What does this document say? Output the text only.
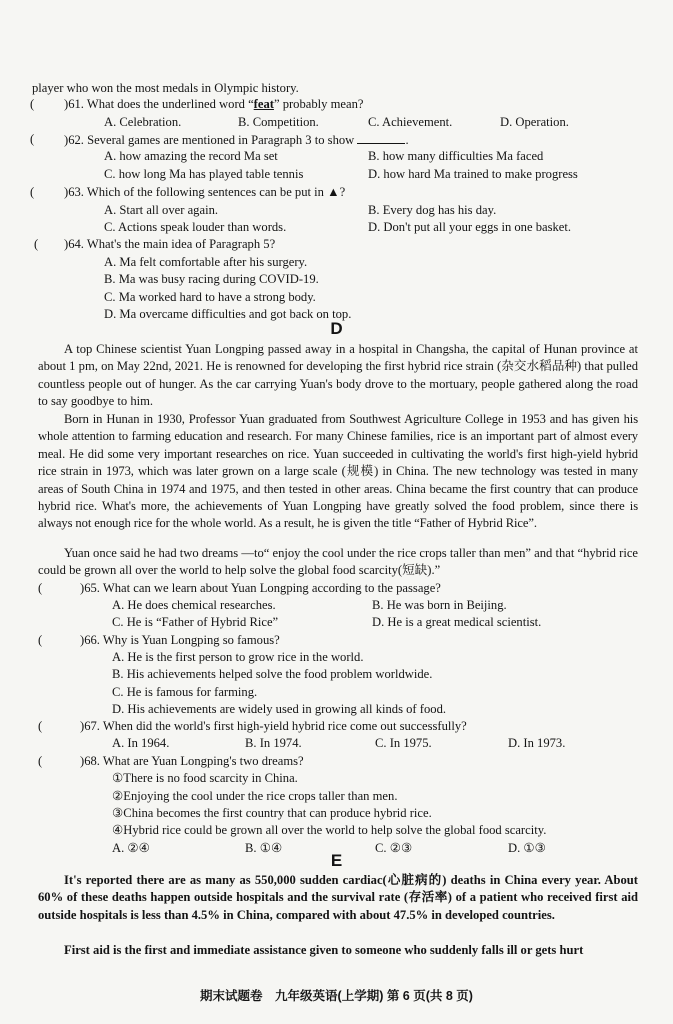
player who won the most medals in Olympic history.
( )61. What does the underlined word “feat” probably mean?
A. Celebration.	B. Competition.	C. Achievement.	D. Operation.
( )62. Several games are mentioned in Paragraph 3 to show	.
A. how amazing the record Ma set	B. how many difficulties Ma faced
C. how long Ma has played table tennis	D. how hard Ma trained to make progress
( )63. Which of the following sentences can be put in ▲?
A. Start all over again.	B. Every dog has his day.
C. Actions speak louder than words.	D. Don't put all your eggs in one basket.
( )64. What's the main idea of Paragraph 5?
A. Ma felt comfortable after his surgery.
B. Ma was busy racing during COVID-19.
C. Ma worked hard to have a strong body.
D. Ma overcame difficulties and got back on top.
D
A top Chinese scientist Yuan Longping passed away in a hospital in Changsha, the capital of Hunan province at about 1 pm, on May 22nd, 2021. He is renowned for developing the first hybrid rice strain (杂交水稻品种) that pulled countless people out of hunger. As the car carrying Yuan's body drove to the mortuary, people gathered along the road to say goodbye to him.
Born in Hunan in 1930, Professor Yuan graduated from Southwest Agriculture College in 1953 and has given his whole attention to farming education and research. For many Chinese families, rice is an important part of almost every meal. He did some very important researches on rice. Yuan succeeded in cultivating the world's first high-yield hybrid rice strain in 1973, which was later grown on a large scale (规模) in China. The new technology was tested in many areas of South China in 1974 and 1975, and then tested in other areas. China became the first country that can produce hybrid rice. What's more, the achievements of Yuan Longping have greatly solved the food problem, since there is always not enough rice for the whole world. As a result, he is given the title “Father of Hybrid Rice”.
Yuan once said he had two dreams —to“ enjoy the cool under the rice crops taller than men” and that “hybrid rice could be grown all over the world to help solve the global food scarcity(短缺).”
(	)65. What can we learn about Yuan Longping according to the passage?
A. He does chemical researches.	B. He was born in Beijing.
C. He is “Father of Hybrid Rice”	D. He is a great medical scientist.
(	)66. Why is Yuan Longping so famous?
A. He is the first person to grow rice in the world.
B. His achievements helped solve the food problem worldwide.
C. He is famous for farming.
D. His achievements are widely used in growing all kinds of food.
(	)67. When did the world's first high-yield hybrid rice come out successfully?
A. In 1964.	B. In 1974.	C. In 1975.	D. In 1973.
(	)68. What are Yuan Longping's two dreams?
①There is no food scarcity in China.
②Enjoying the cool under the rice crops taller than men.
③China becomes the first country that can produce hybrid rice.
④Hybrid rice could be grown all over the world to help solve the global food scarcity.
A. ②④	B. ①④	C. ②③	D. ①③
E
It's reported there are as many as 550,000 sudden cardiac(心脏病的) deaths in China every year. About 60% of these deaths happen outside hospitals and the survival rate (存活率) of a patient who received first aid outside hospitals is less than 4.5% in China, compared with about 47.5% in developed countries.
First aid is the first and immediate assistance given to someone who suddenly falls ill or gets hurt
期末试题卷　九年级英语(上学期) 第 6 页(共 8 页)
